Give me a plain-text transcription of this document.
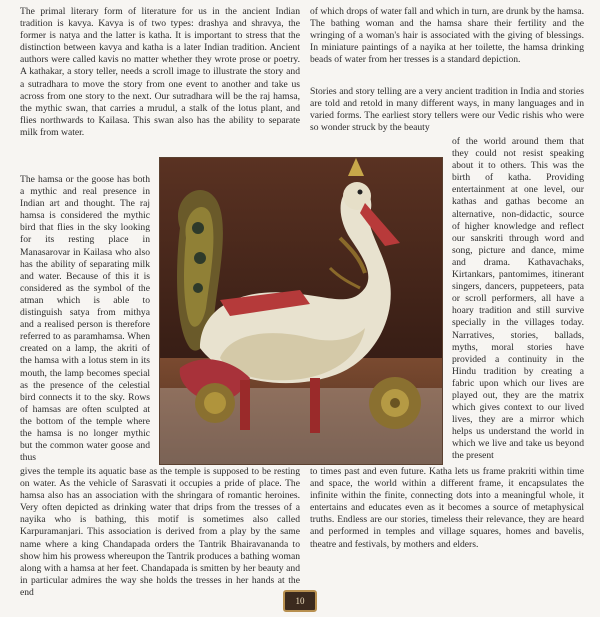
The primal literary form of literature for us in the ancient Indian tradition is kavya. Kavya is of two types: drashya and shravya, the former is natya and the latter is katha. It is important to stress that the distinction between kavya and katha is a later Indian tradition. Ancient authors were called kavis no matter whether they wrote prose or poetry. A kathakar, a story teller, needs a scroll image to illustrate the story and a sutradhara to move the story from one event to another and take us across from one story to the next. Our sutradhara will be the raj hamsa, the mythic swan, that carries a mrudul, a stalk of the lotus plant, and flies northwards to Kailasa. This swan also has the ability to separate milk from water.

of which drops of water fall and which in turn, are drunk by the hamsa. The bathing woman and the hamsa share their fertility and the wringing of a woman's hair is associated with the giving of blessings. In miniature paintings of a nayika at her toilette, the hamsa drinking beads of water from her tresses is a standard depiction.

Stories and story telling are a very ancient tradition in India and stories are told and retold in many different ways, in many languages and in varied forms. The earliest story tellers were our Vedic rishis who were so wonder struck by the beauty

The hamsa or the goose has both a mythic and real presence in Indian art and thought. The raj hamsa is considered the mythic bird that flies in the sky looking for its resting place in Manasarovar in Kailasa who also has the ability of separating milk and water. Because of this it is considered as the symbol of the atman which is able to distinguish satya from mithya and a realised person is therefore referred to as paramhamsa. When created on a lamp, the akriti of the hamsa with a lotus stem in its mouth, the lamp becomes special as the presence of the celestial bird connects it to the sky. Rows of hamsas are often sculpted at the bottom of the temple where the hamsa is no longer mythic but the common water goose and thus

of the world around them that they could not resist speaking about it to others. This was the birth of katha. Providing entertainment at one level, our kathas and gathas become an alternative, non-didactic, source of higher knowledge and reflect our sanskriti through word and song, picture and dance, mime and drama. Kathavachaks, Kirtankars, pantomimes, itinerant singers, dancers, puppeteers, pata or scroll performers, all have a hoary tradition and still survive specially in the villages today. Narratives, stories, ballads, myths, moral stories have provided a continuity in the Hindu tradition by creating a fabric upon which our lives are played out, they are the matrix which gives context to our lived lives, they are a mirror which helps us understand the world in which we live and take us beyond the present

gives the temple its aquatic base as the temple is supposed to be resting on water. As the vehicle of Sarasvati it occupies a pride of place. The hamsa also has an association with the shringara of romantic heroines. Very often depicted as drinking water that drips from the tresses of a nayika who is bathing, this motif is sometimes also called Karpuramanjari. This association is derived from a play by the same name where a king Chandapada orders the Tantrik Bhairavananda to show him his prowess whereupon the Tantrik produces a bathing woman along with a hamsa at her feet. Chandapada is smitten by her beauty and in particular admires the way she holds the tresses in her hands at the end

to times past and even future. Katha lets us frame prakriti within time and space, the world within a different frame, it encapsulates the infinite within the finite, connecting dots into a meaningful whole, it entertains and educates even as it becomes a source of metaphysical truths. Endless are our stories, timeless their relevance, they are heard and performed in temples and village squares, homes and bavelis, theatre and festivals, by mothers and elders.

10
